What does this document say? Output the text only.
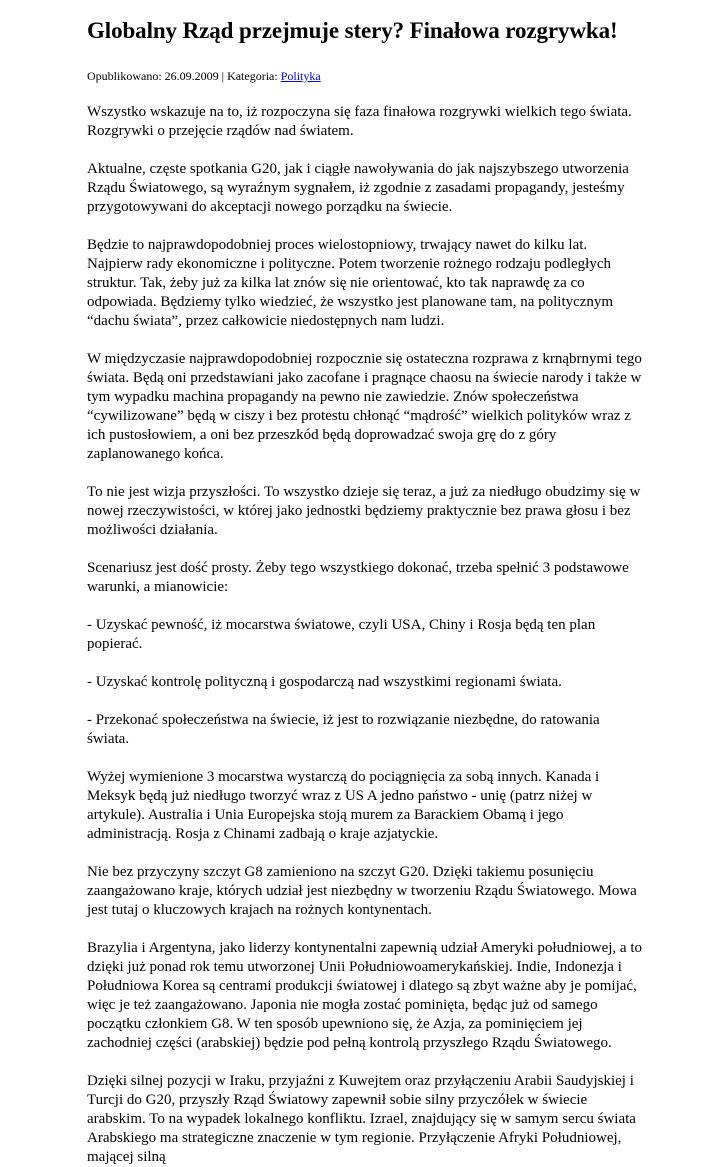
Globalny Rząd przejmuje stery? Finałowa rozgrywka!
Opublikowano: 26.09.2009 | Kategoria: Polityka

Wszystko wskazuje na to, iż rozpoczyna się faza finałowa rozgrywki wielkich tego świata. Rozgrywki o przejęcie rządów nad światem.

Aktualne, częste spotkania G20, jak i ciągłe nawoływania do jak najszybszego utworzenia Rządu Światowego, są wyraźnym sygnałem, iż zgodnie z zasadami propagandy, jesteśmy przygotowywani do akceptacji nowego porządku na świecie.

Będzie to najprawdopodobniej proces wielostopniowy, trwający nawet do kilku lat. Najpierw rady ekonomiczne i polityczne. Potem tworzenie rożnego rodzaju podległych struktur. Tak, żeby już za kilka lat znów się nie orientować, kto tak naprawdę za co odpowiada. Będziemy tylko wiedzieć, że wszystko jest planowane tam, na politycznym “dachu świata”, przez całkowicie niedostępnych nam ludzi.

W międzyczasie najprawdopodobniej rozpocznie się ostateczna rozprawa z krnąbrnymi tego świata. Będą oni przedstawiani jako zacofane i pragnące chaosu na świecie narody i także w tym wypadku machina propagandy na pewno nie zawiedzie. Znów społeczeństwa “cywilizowane” będą w ciszy i bez protestu chłonąć “mądrość” wielkich polityków wraz z ich pustosłowiem, a oni bez przeszkód będą doprowadzać swoja grę do z góry zaplanowanego końca.

To nie jest wizja przyszłości. To wszystko dzieje się teraz, a już za niedługo obudzimy się w nowej rzeczywistości, w której jako jednostki będziemy praktycznie bez prawa głosu i bez możliwości działania.

Scenariusz jest dość prosty. Żeby tego wszystkiego dokonać, trzeba spełnić 3 podstawowe warunki, a mianowicie:

- Uzyskać pewność, iż mocarstwa światowe, czyli USA, Chiny i Rosja będą ten plan popierać.

- Uzyskać kontrolę polityczną i gospodarczą nad wszystkimi regionami świata.

- Przekonać społeczeństwa na świecie, iż jest to rozwiązanie niezbędne, do ratowania świata.

Wyżej wymienione 3 mocarstwa wystarczą do pociągnięcia za sobą innych. Kanada i Meksyk będą już niedługo tworzyć wraz z US A jedno państwo - unię (patrz niżej w artykule). Australia i Unia Europejska stoją murem za Barackiem Obamą i jego administracją. Rosja z Chinami zadbają o kraje azjatyckie.

Nie bez przyczyny szczyt G8 zamieniono na szczyt G20. Dzięki takiemu posunięciu zaangażowano kraje, których udział jest niezbędny w tworzeniu Rządu Światowego. Mowa jest tutaj o kluczowych krajach na rożnych kontynentach.

Brazylia i Argentyna, jako liderzy kontynentalni zapewnią udział Ameryki południowej, a to dzięki już ponad rok temu utworzonej Unii Południowoamerykańskiej. Indie, Indonezja i Południowa Korea są centrami produkcji światowej i dlatego są zbyt ważne aby je pomijać, więc je też zaangażowano. Japonia nie mogła zostać pominięta, będąc już od samego początku członkiem G8. W ten sposób upewniono się, że Azja, za pominięciem jej zachodniej części (arabskiej) będzie pod pełną kontrolą przyszłego Rządu Światowego.

Dzięki silnej pozycji w Iraku, przyjaźni z Kuwejtem oraz przyłączeniu Arabii Saudyjskiej i Turcji do G20, przyszły Rząd Światowy zapewnił sobie silny przyczółek w świecie arabskim. To na wypadek lokalnego konfliktu. Izrael, znajdujący się w samym sercu świata Arabskiego ma strategiczne znaczenie w tym regionie. Przyłączenie Afryki Południowej, mającej silną
